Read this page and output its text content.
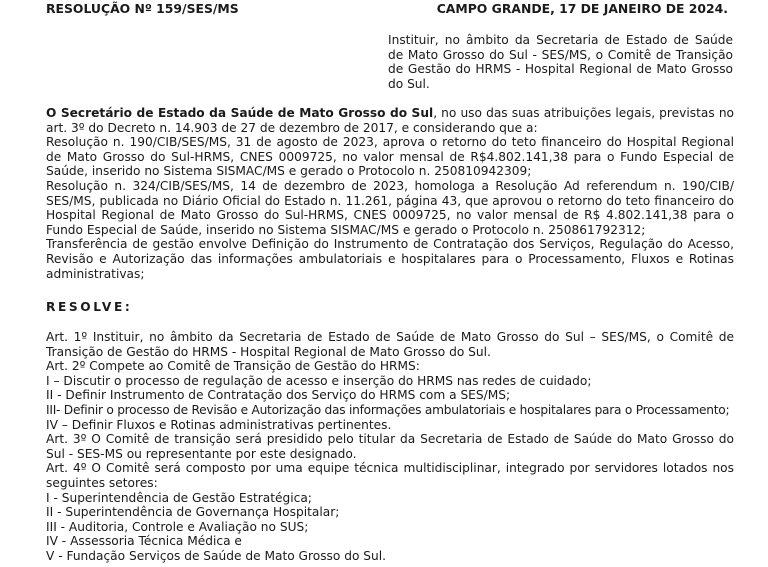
RESOLUÇÃO Nº 159/SES/MS	CAMPO GRANDE, 17 DE JANEIRO DE 2024.
Instituir, no âmbito da Secretaria de Estado de Saúde de Mato Grosso do Sul - SES/MS, o Comitê de Transição de Gestão do HRMS - Hospital Regional de Mato Grosso do Sul.

O Secretário de Estado da Saúde de Mato Grosso do Sul, no uso das suas atribuições legais, previstas no art. 3º do Decreto n. 14.903 de 27 de dezembro de 2017, e considerando que a:

Resolução n. 190/CIB/SES/MS, 31 de agosto de 2023, aprova o retorno do teto financeiro do Hospital Regional de Mato Grosso do Sul-HRMS, CNES 0009725, no valor mensal de R$4.802.141,38 para o Fundo Especial de Saúde, inserido no Sistema SISMAC/MS e gerado o Protocolo n. 250810942309;

Resolução n. 324/CIB/SES/MS, 14 de dezembro de 2023, homologa a Resolução Ad referendum n. 190/CIB/ SES/MS, publicada no Diário Oficial do Estado n. 11.261, página 43, que aprovou o retorno do teto financeiro do Hospital Regional de Mato Grosso do Sul-HRMS, CNES 0009725, no valor mensal de R$ 4.802.141,38 para o Fundo Especial de Saúde, inserido no Sistema SISMAC/MS e gerado o Protocolo n. 250861792312;

Transferência de gestão envolve Definição do Instrumento de Contratação dos Serviços, Regulação do Acesso, Revisão e Autorização das informações ambulatoriais e hospitalares para o Processamento, Fluxos e Rotinas administrativas;

RESOLVE:

Art. 1º Instituir, no âmbito da Secretaria de Estado de Saúde de Mato Grosso do Sul – SES/MS, o Comitê de Transição de Gestão do HRMS - Hospital Regional de Mato Grosso do Sul.

Art. 2º Compete ao Comitê de Transição de Gestão do HRMS:

I – Discutir o processo de regulação de acesso e inserção do HRMS nas redes de cuidado;

II - Definir Instrumento de Contratação dos Serviço do HRMS com a SES/MS;

III- Definir o processo de Revisão e Autorização das informações ambulatoriais e hospitalares para o Processamento;

IV – Definir Fluxos e Rotinas administrativas pertinentes.

Art. 3º O Comitê de transição será presidido pelo titular da Secretaria de Estado de Saúde do Mato Grosso do Sul - SES-MS ou representante por este designado.

Art. 4º O Comitê será composto por uma equipe técnica multidisciplinar, integrado por servidores lotados nos seguintes setores:

I - Superintendência de Gestão Estratégica;

II - Superintendência de Governança Hospitalar;

III - Auditoria, Controle e Avaliação no SUS;

IV - Assessoria Técnica Médica e

V - Fundação Serviços de Saúde de Mato Grosso do Sul.
